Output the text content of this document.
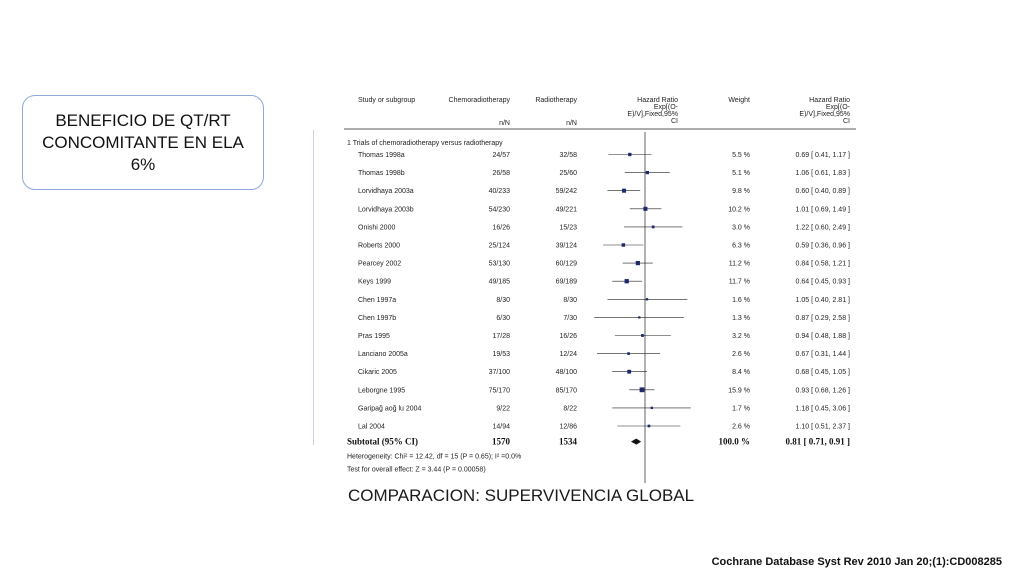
BENEFICIO DE QT/RT
CONCOMITANTE EN ELA
6%
Study or subgroup	Chemoradiotherapy	Radiotherapy	Hazard Ratio
Exp[(O-
E)/V],Fixed,95%
CI
Weight	Hazard Ratio
Exp[(O-
E)/V],Fixed,95%
CI
n/N	n/N
1 Trials of chemoradiotherapy versus radiotherapy
Thomas 1998a	24/57	32/58	5.5 %	0.69 [ 0.41, 1.17 ]
Thomas 1998b	26/58	25/60	5.1 %	1.06 [ 0.61, 1.83 ]
Lorvidhaya 2003a	40/233	59/242	9.8 %	0.60 [ 0.40, 0.89 ]
Lorvidhaya 2003b	54/230	49/221	10.2 %	1.01 [ 0.69, 1.49 ]
Onishi 2000	16/26	15/23	3.0 %	1.22 [ 0.60, 2.49 ]
Roberts 2000	25/124	39/124	6.3 %	0.59 [ 0.36, 0.96 ]
Pearcey 2002	53/130	60/129	11.2 %	0.84 [ 0.58, 1.21 ]
Keys 1999	49/185	69/189	11.7 %	0.64 [ 0.45, 0.93 ]
Chen 1997a	8/30	8/30	1.6 %	1.05 [ 0.40, 2.81 ]
Chen 1997b	6/30	7/30	1.3 %	0.87 [ 0.29, 2.58 ]
Pras 1995	17/28	16/26	3.2 %	0.94 [ 0.48, 1.88 ]
Lanciano 2005a	19/53	12/24	2.6 %	0.67 [ 0.31, 1.44 ]
Cikaric 2005	37/100	48/100	8.4 %	0.68 [ 0.45, 1.05 ]
Leborgne 1995	75/170	85/170	15.9 %	0.93 [ 0.68, 1.26 ]
Garipağ aoğ lu 2004	9/22	8/22	1.7 %	1.18 [ 0.45, 3.06 ]
Lal 2004	14/94	12/86	2.6 %	1.10 [ 0.51, 2.37 ]
Subtotal (95% CI)	1570	1534	100.0 %	0.81 [ 0.71, 0.91 ]
Heterogeneity: Chi² = 12.42, df = 15 (P = 0.65); I² =0.0%
Test for overall effect: Z = 3.44 (P = 0.00058)
COMPARACION: SUPERVIVENCIA GLOBAL
Cochrane Database Syst Rev 2010 Jan 20;(1):CD008285
